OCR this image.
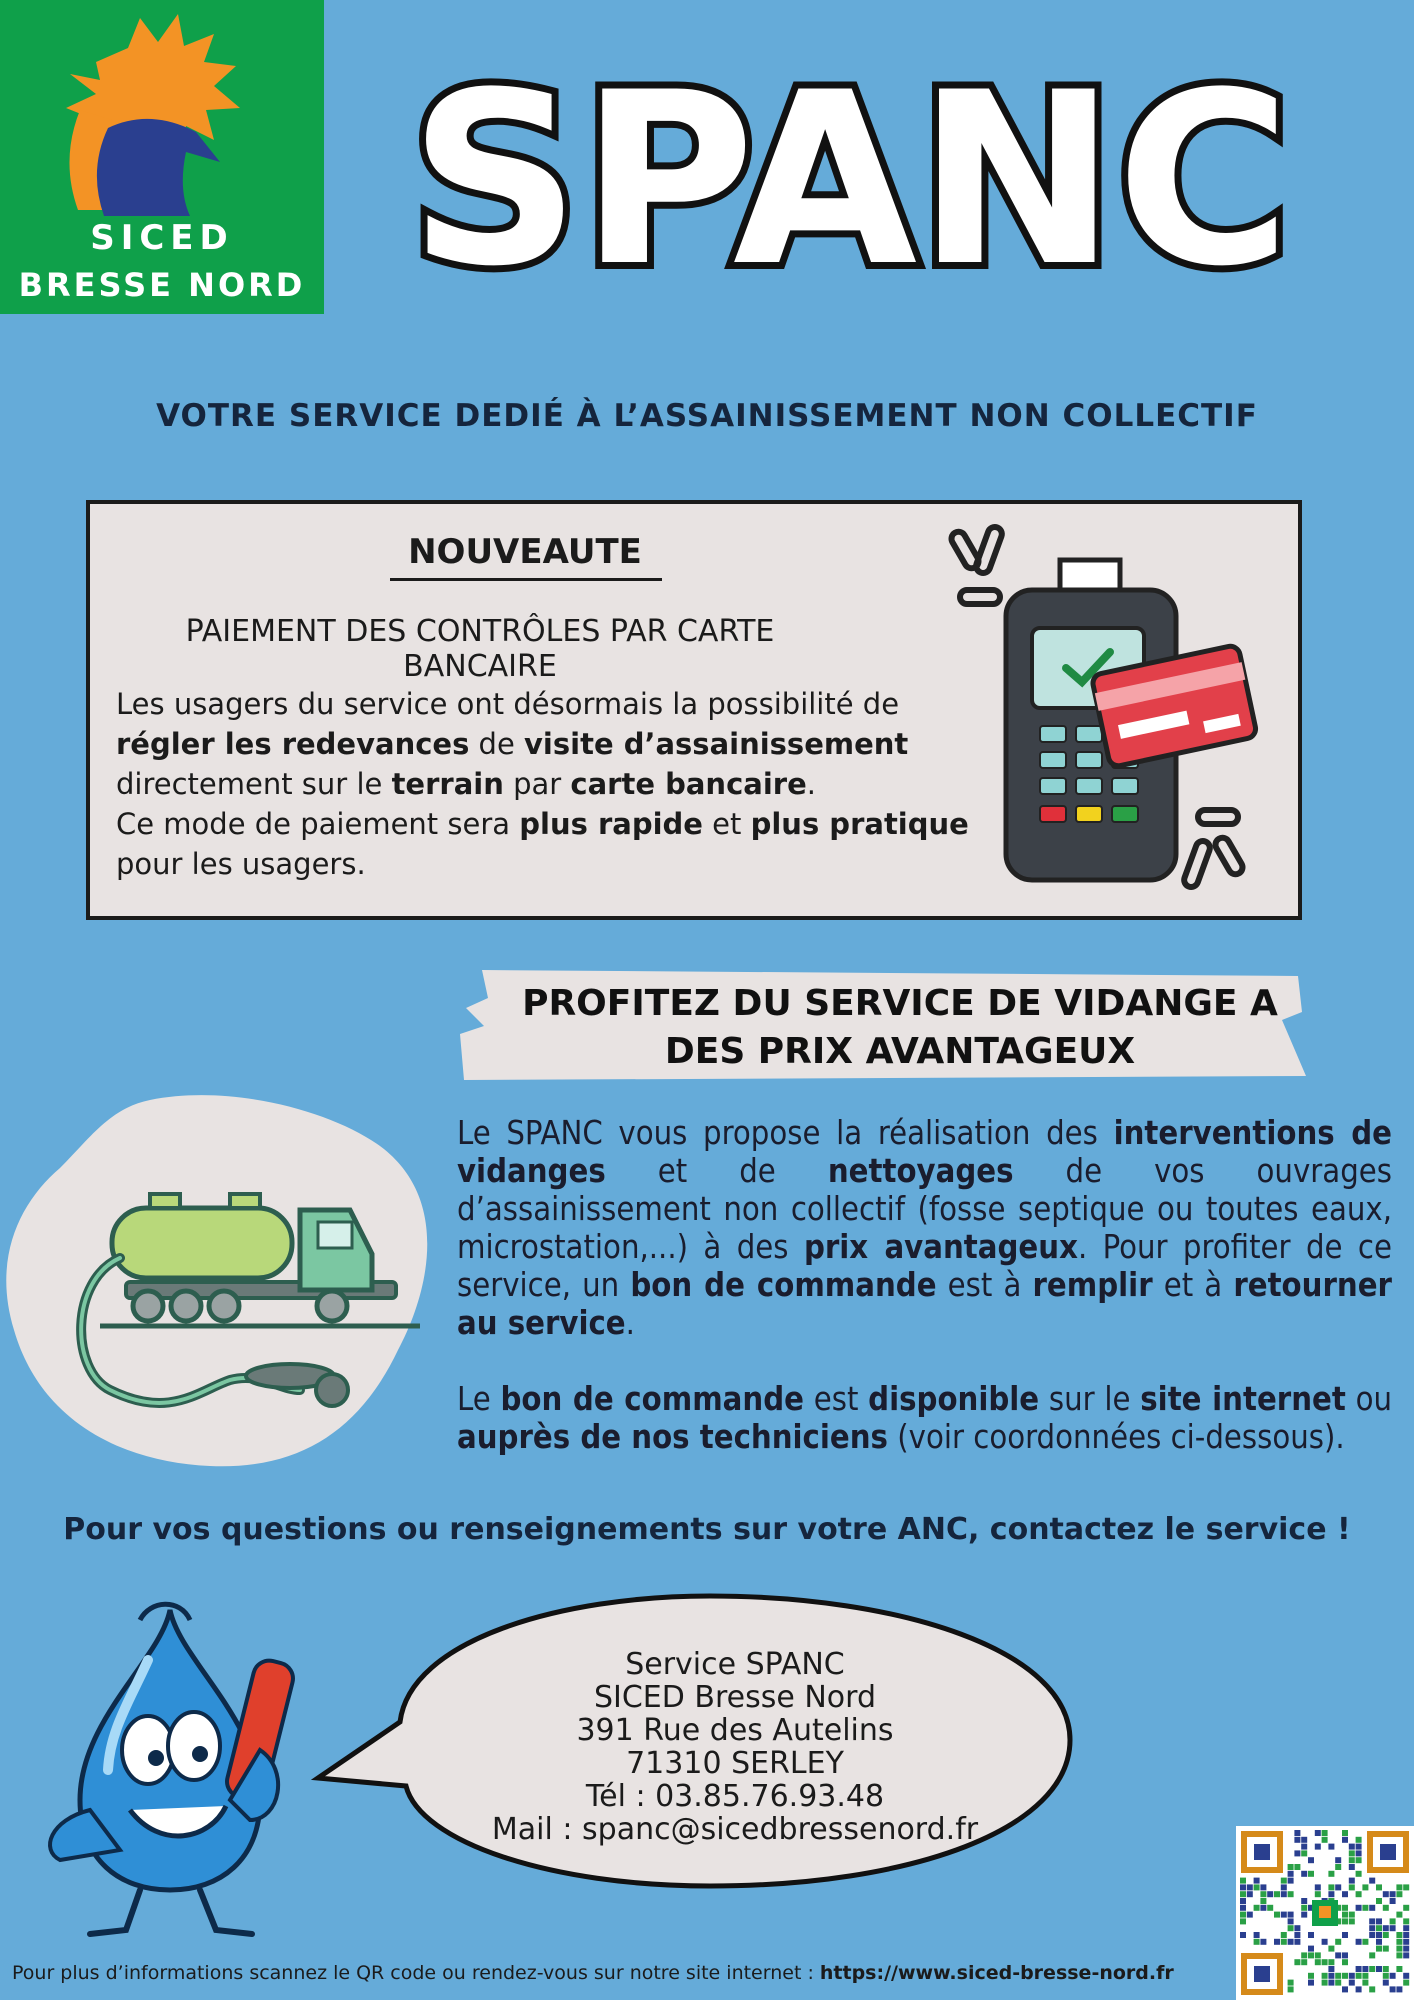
SICED
BRESSE NORD SPANC
VOTRE SERVICE DEDIÉ À L’ASSAINISSEMENT NON COLLECTIF
NOUVEAUTE
PAIEMENT DES CONTRÔLES PAR CARTE BANCAIRE
Les usagers du service ont désormais la possibilité de régler les redevances de visite d’assainissement directement sur le terrain par carte bancaire.
Ce mode de paiement sera plus rapide et plus pratique pour les usagers.
PROFITEZ DU SERVICE DE VIDANGE A
DES PRIX AVANTAGEUX

Le SPANC vous propose la réalisation des interventions de vidanges et de nettoyages de vos ouvrages d’assainissement non collectif (fosse septique ou toutes eaux, microstation,...) à des prix avantageux. Pour profiter de ce service, un bon de commande est à remplir et à retourner au service.

Le bon de commande est disponible sur le site internet ou auprès de nos techniciens (voir coordonnées ci-dessous).

Pour vos questions ou renseignements sur votre ANC, contactez le service !
Service SPANC
SICED Bresse Nord
391 Rue des Autelins
71310 SERLEY
Tél : 03.85.76.93.48
Mail : spanc@sicedbressenord.fr
Pour plus d’informations scannez le QR code ou rendez-vous sur notre site internet : https://www.siced-bresse-nord.fr
